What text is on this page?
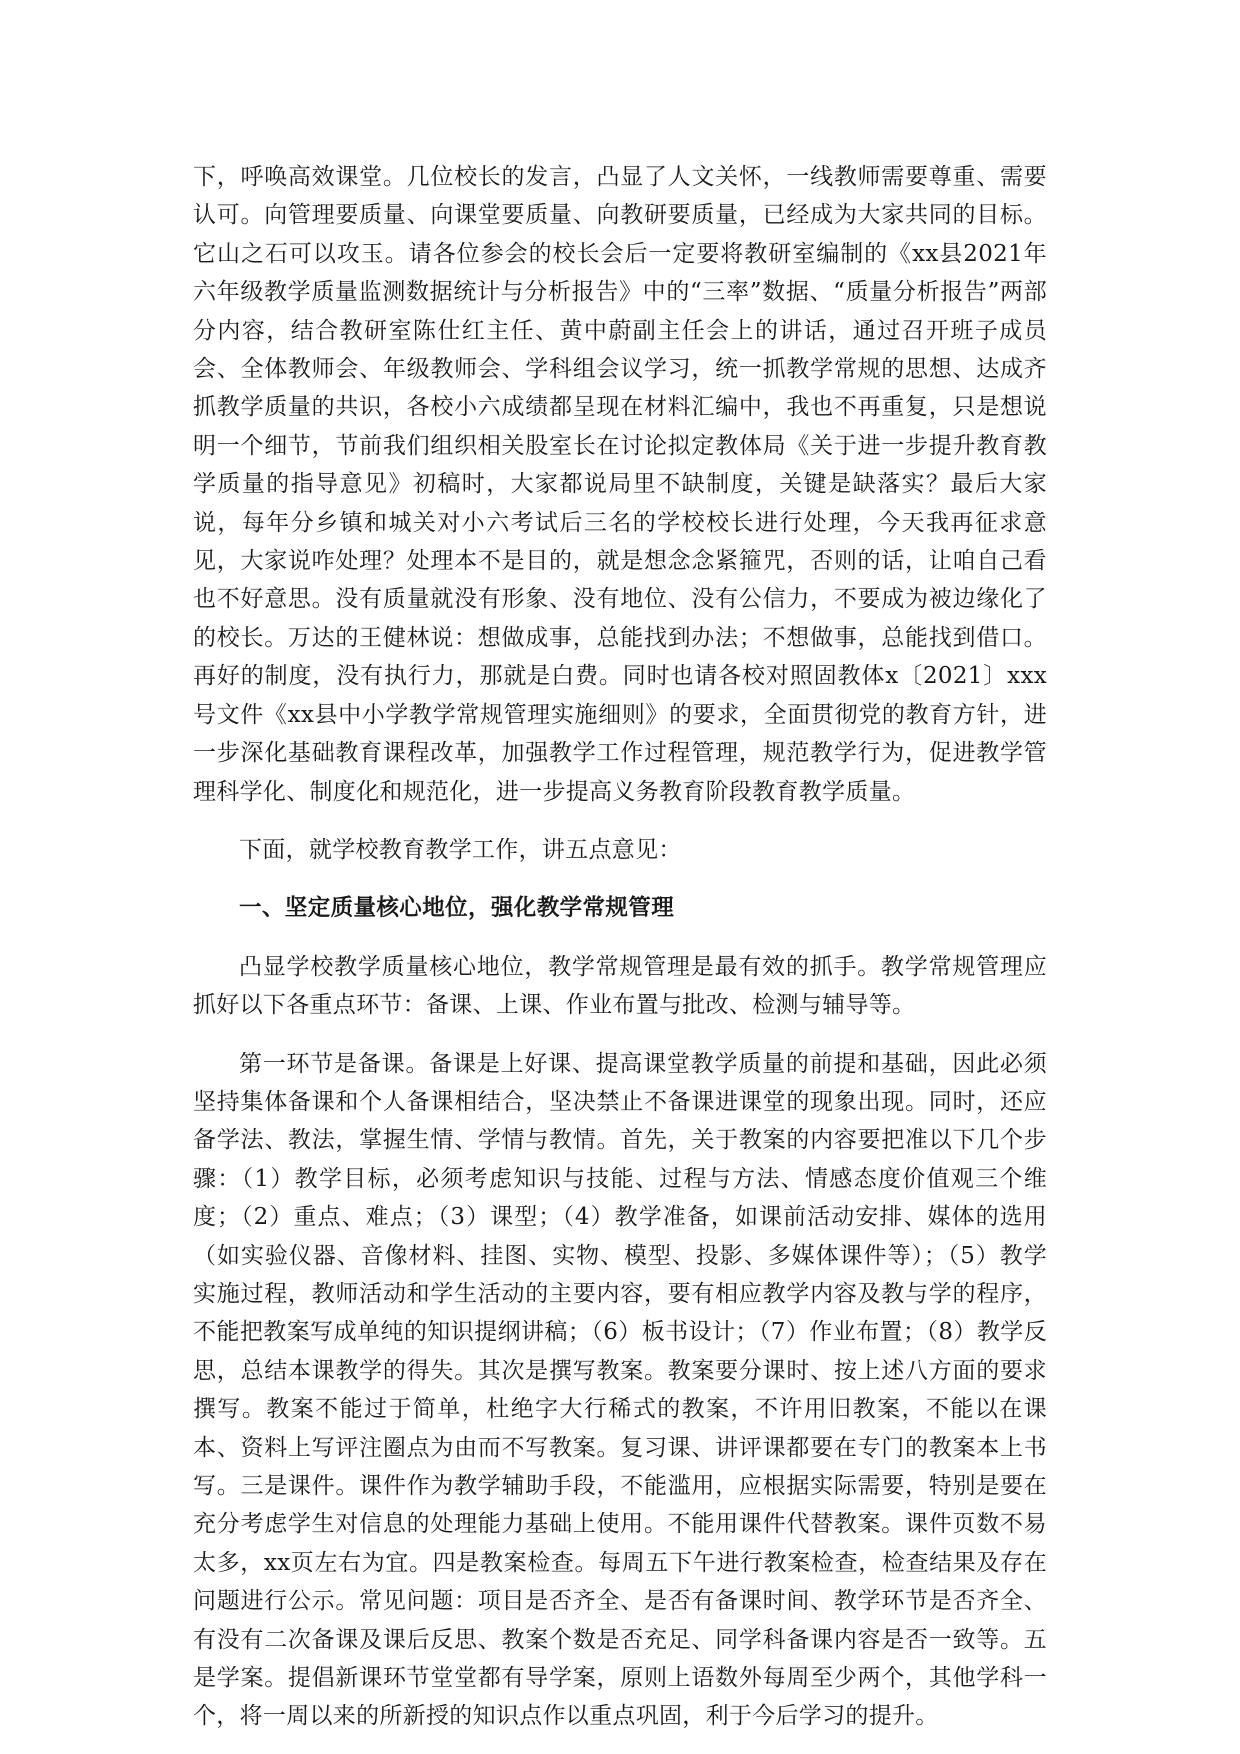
下，呼唤高效课堂。几位校长的发言，凸显了人文关怀，一线教师需要尊重、需要认可。向管理要质量、向课堂要质量、向教研要质量，已经成为大家共同的目标。它山之石可以攻玉。请各位参会的校长会后一定要将教研室编制的《xx县2021年六年级教学质量监测数据统计与分析报告》中的“三率”数据、“质量分析报告”两部分内容，结合教研室陈仕红主任、黄中蔚副主任会上的讲话，通过召开班子成员会、全体教师会、年级教师会、学科组会议学习，统一抓教学常规的思想、达成齐抓教学质量的共识，各校小六成绩都呈现在材料汇编中，我也不再重复，只是想说明一个细节，节前我们组织相关股室长在讨论拟定教体局《关于进一步提升教育教学质量的指导意见》初稿时，大家都说局里不缺制度，关键是缺落实？最后大家说，每年分乡镇和城关对小六考试后三名的学校校长进行处理，今天我再征求意见，大家说咋处理？处理本不是目的，就是想念念紧箍咒，否则的话，让咱自己看也不好意思。没有质量就没有形象、没有地位、没有公信力，不要成为被边缘化了的校长。万达的王健林说：想做成事，总能找到办法；不想做事，总能找到借口。再好的制度，没有执行力，那就是白费。同时也请各校对照固教体x〔2021〕xxx号文件《xx县中小学教学常规管理实施细则》的要求，全面贯彻党的教育方针，进一步深化基础教育课程改革，加强教学工作过程管理，规范教学行为，促进教学管理科学化、制度化和规范化，进一步提高义务教育阶段教育教学质量。

下面，就学校教育教学工作，讲五点意见：

一、坚定质量核心地位，强化教学常规管理

凸显学校教学质量核心地位，教学常规管理是最有效的抓手。教学常规管理应抓好以下各重点环节：备课、上课、作业布置与批改、检测与辅导等。

第一环节是备课。备课是上好课、提高课堂教学质量的前提和基础，因此必须坚持集体备课和个人备课相结合，坚决禁止不备课进课堂的现象出现。同时，还应备学法、教法，掌握生情、学情与教情。首先，关于教案的内容要把准以下几个步骤：（1）教学目标，必须考虑知识与技能、过程与方法、情感态度价值观三个维度；（2）重点、难点；（3）课型；（4）教学准备，如课前活动安排、媒体的选用（如实验仪器、音像材料、挂图、实物、模型、投影、多媒体课件等）；（5）教学实施过程，教师活动和学生活动的主要内容，要有相应教学内容及教与学的程序，不能把教案写成单纯的知识提纲讲稿；（6）板书设计；（7）作业布置；（8）教学反思，总结本课教学的得失。其次是撰写教案。教案要分课时、按上述八方面的要求撰写。教案不能过于简单，杜绝字大行稀式的教案，不许用旧教案，不能以在课本、资料上写评注圈点为由而不写教案。复习课、讲评课都要在专门的教案本上书写。三是课件。课件作为教学辅助手段，不能滥用，应根据实际需要，特别是要在充分考虑学生对信息的处理能力基础上使用。不能用课件代替教案。课件页数不易太多，xx页左右为宜。四是教案检查。每周五下午进行教案检查，检查结果及存在问题进行公示。常见问题：项目是否齐全、是否有备课时间、教学环节是否齐全、有没有二次备课及课后反思、教案个数是否充足、同学科备课内容是否一致等。五是学案。提倡新课环节堂堂都有导学案，原则上语数外每周至少两个，其他学科一个，将一周以来的所新授的知识点作以重点巩固，利于今后学习的提升。
